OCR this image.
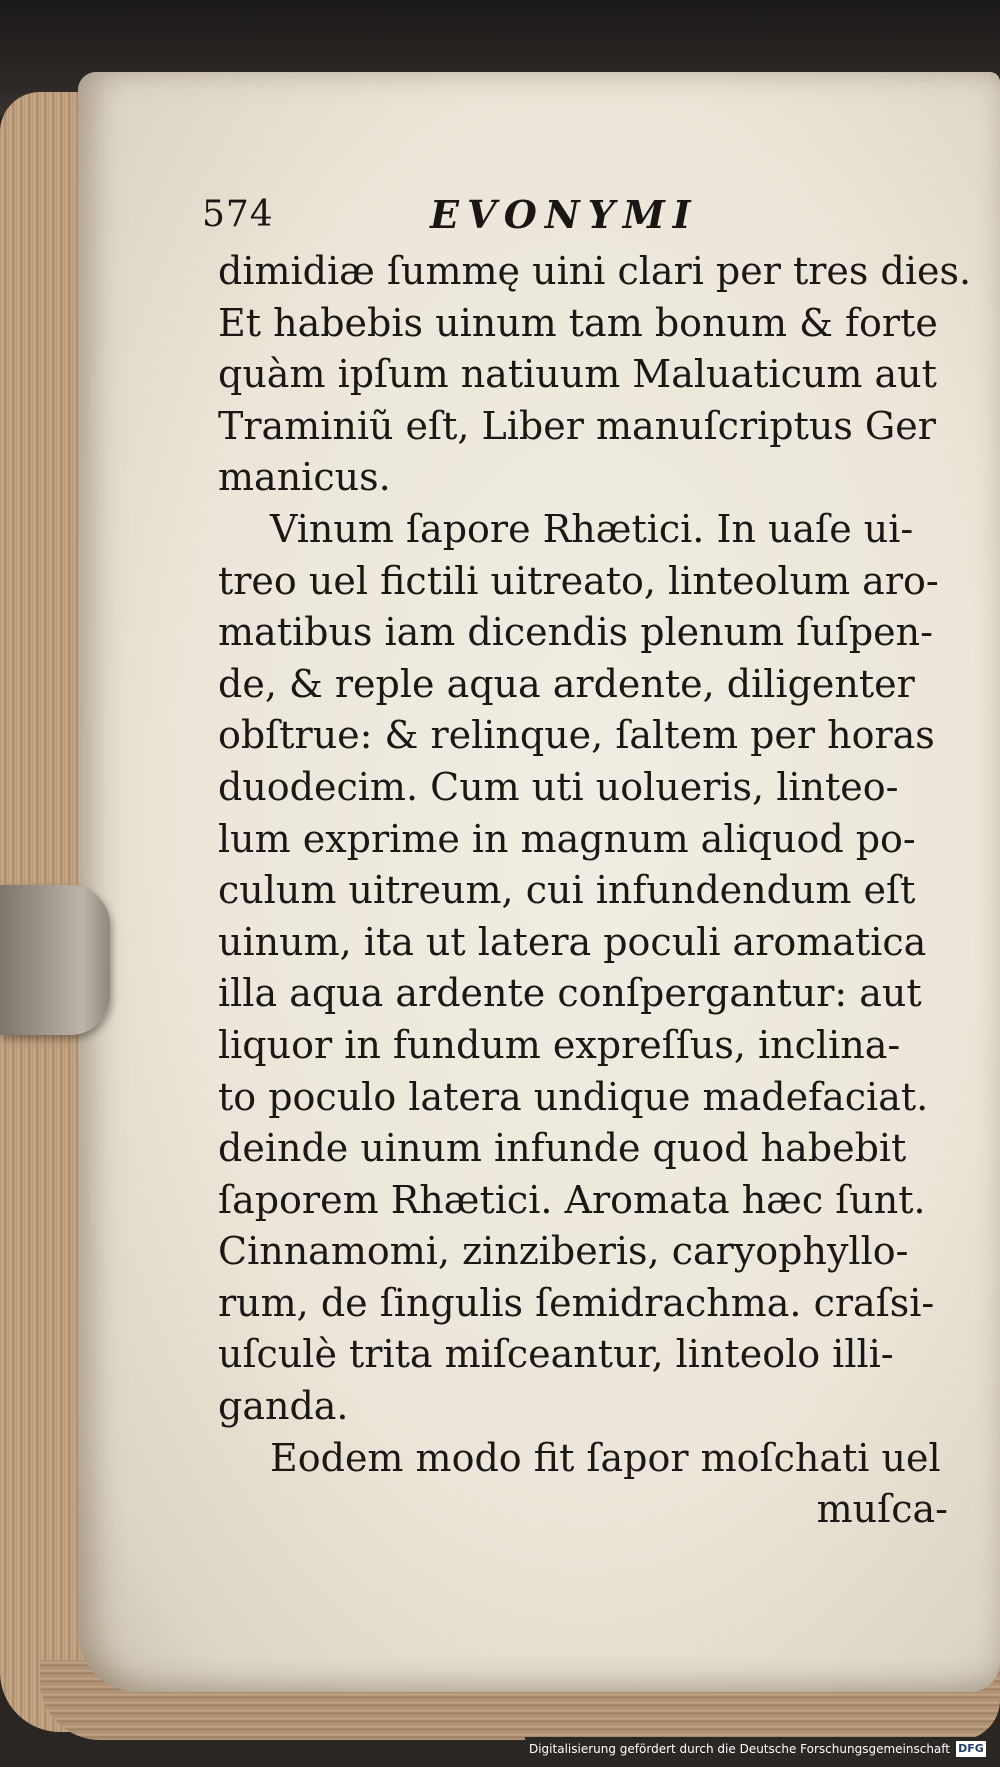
574	EVONYMI
dimidiæ ſummę uini clari per tres dies.
Et habebis uinum tam bonum & forte
quàm ipſum natiuum Maluaticum aut
Traminiũ eſt, Liber manuſcriptus Ger
manicus.
Vinum ſapore Rhætici. In uaſe ui-
treo uel fictili uitreato, linteolum aro-
matibus iam dicendis plenum ſuſpen-
de, & reple aqua ardente, diligenter
obſtrue: & relinque, ſaltem per horas
duodecim. Cum uti uolueris, linteo-
lum exprime in magnum aliquod po-
culum uitreum, cui infundendum eſt
uinum, ita ut latera poculi aromatica
illa aqua ardente conſpergantur: aut
liquor in fundum expreſſus, inclina-
to poculo latera undique madefaciat.
deinde uinum infunde quod habebit
ſaporem Rhætici. Aromata hæc ſunt.
Cinnamomi, zinziberis, caryophyllo-
rum, de ſingulis ſemidrachma. craſsi-
uſculè trita miſceantur, linteolo illi-
ganda.
Eodem modo fit ſapor moſchati uel
muſca-
Digitalisierung gefördert durch die Deutsche Forschungsgemeinschaft DFG
